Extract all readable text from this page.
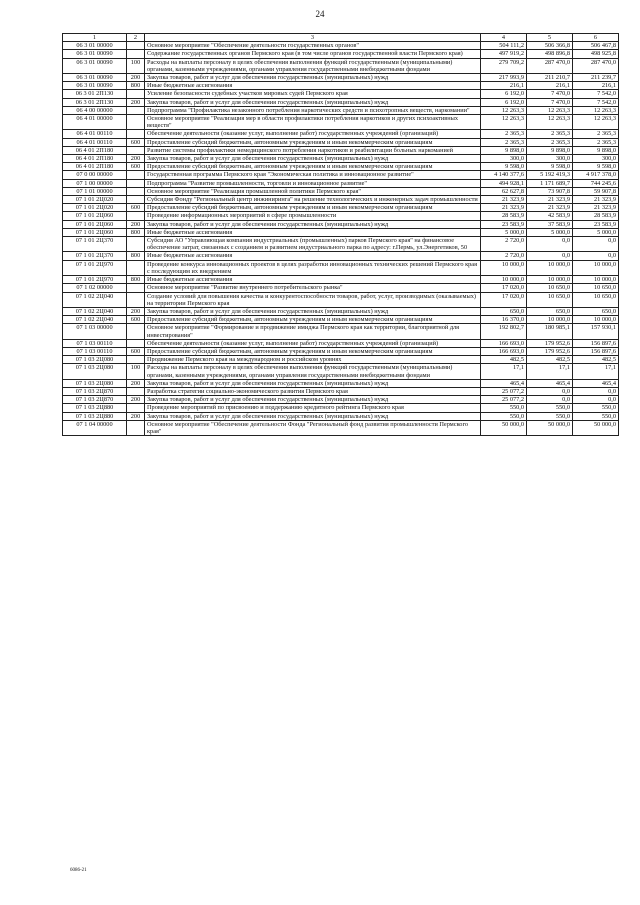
24
1	2	3	4	5	6
06 3 01 00000		Основное мероприятие "Обеспечение деятельности государственных органов"	504 111,2	506 366,8	506 467,8
06 3 01 00090		Содержание государственных органов Пермского края (в том числе органов государственной власти Пермского края)	497 919,2	498 896,8	498 925,8
06 3 01 00090	100	Расходы на выплаты персоналу в целях обеспечения выполнения функций государственными (муниципальными) органами, казенными учреждениями, органами управления государственными внебюджетными фондами	279 709,2	287 470,0	287 470,0
06 3 01 00090	200	Закупка товаров, работ и услуг для обеспечения государственных (муниципальных) нужд	217 993,9	211 210,7	211 239,7
06 3 01 00090	800	Иные бюджетные ассигнования	216,1	216,1	216,1
06 3 01 2П130		Усиление безопасности судебных участков мировых судей Пермского края	6 192,0	7 470,0	7 542,0
06 3 01 2П130	200	Закупка товаров, работ и услуг для обеспечения государственных (муниципальных) нужд	6 192,0	7 470,0	7 542,0
06 4 00 00000		Подпрограмма "Профилактика незаконного потребления наркотических средств и психотропных веществ, наркомании"	12 263,3	12 263,3	12 263,3
06 4 01 00000		Основное мероприятие "Реализация мер в области профилактики потребления наркотиков и других психоактивных веществ"	12 263,3	12 263,3	12 263,3
06 4 01 00110		Обеспечение деятельности (оказание услуг, выполнение работ) государственных учреждений (организаций)	2 365,3	2 365,3	2 365,3
06 4 01 00110	600	Предоставление субсидий бюджетным, автономным учреждениям и иным некоммерческим организациям	2 365,3	2 365,3	2 365,3
06 4 01 2П180		Развитие системы профилактики немедицинского потребления наркотиков и реабилитации больных наркоманией	9 898,0	9 898,0	9 898,0
06 4 01 2П180	200	Закупка товаров, работ и услуг для обеспечения государственных (муниципальных) нужд	300,0	300,0	300,0
06 4 01 2П180	600	Предоставление субсидий бюджетным, автономным учреждениям и иным некоммерческим организациям	9 598,0	9 598,0	9 598,0
07 0 00 00000		Государственная программа Пермского края "Экономическая политика и инновационное развитие"	4 140 377,6	5 192 419,3	4 917 378,0
07 1 00 00000		Подпрограмма "Развитие промышленности, торговли и инновационное развитие"	494 928,1	1 171 689,7	744 245,6
07 1 01 00000		Основное мероприятие "Реализация промышленной политики Пермского края"	62 627,8	73 907,8	59 907,8
07 1 01 2Ц020		Субсидия Фонду "Региональный центр инжиниринга" на решение технологических и инженерных задач промышленности	21 323,9	21 323,9	21 323,9
07 1 01 2Ц020	600	Предоставление субсидий бюджетным, автономным учреждениям и иным некоммерческим организациям	21 323,9	21 323,9	21 323,9
07 1 01 2Ц060		Проведение информационных мероприятий в сфере промышленности	28 583,9	42 583,9	28 583,9
07 1 01 2Ц060	200	Закупка товаров, работ и услуг для обеспечения государственных (муниципальных) нужд	23 583,9	37 583,9	23 583,9
07 1 01 2Ц060	800	Иные бюджетные ассигнования	5 000,0	5 000,0	5 000,0
07 1 01 2Ц370		Субсидия АО "Управляющая компания индустриальных (промышленных) парков Пермского края" на финансовое обеспечение затрат, связанных с созданием и развитием индустриального парка по адресу: г.Пермь, ул.Энергетиков, 50	2 720,0	0,0	0,0
07 1 01 2Ц370	800	Иные бюджетные ассигнования	2 720,0	0,0	0,0
07 1 01 2Ц970		Проведение конкурса инновационных проектов в целях разработки инновационных технических решений Пермского края с последующим их внедрением	10 000,0	10 000,0	10 000,0
07 1 01 2Ц970	800	Иные бюджетные ассигнования	10 000,0	10 000,0	10 000,0
07 1 02 00000		Основное мероприятие "Развитие внутреннего потребительского рынка"	17 020,0	10 650,0	10 650,0
07 1 02 2Ц040		Создание условий для повышения качества и конкурентоспособности товаров, работ, услуг, производимых (оказываемых) на территории Пермского края	17 020,0	10 650,0	10 650,0
07 1 02 2Ц040	200	Закупка товаров, работ и услуг для обеспечения государственных (муниципальных) нужд	650,0	650,0	650,0
07 1 02 2Ц040	600	Предоставление субсидий бюджетным, автономным учреждениям и иным некоммерческим организациям	16 370,0	10 000,0	10 000,0
07 1 03 00000		Основное мероприятие "Формирование и продвижение имиджа Пермского края как территории, благоприятной для инвестирования"	192 802,7	180 985,1	157 930,1
07 1 03 00110		Обеспечение деятельности (оказание услуг, выполнение работ) государственных учреждений (организаций)	166 693,0	179 952,6	156 897,6
07 1 03 00110	600	Предоставление субсидий бюджетным, автономным учреждениям и иным некоммерческим организациям	166 693,0	179 952,6	156 897,6
07 1 03 2Ц080		Продвижение Пермского края на международном и российском уровнях	482,5	482,5	482,5
07 1 03 2Ц080	100	Расходы на выплаты персоналу в целях обеспечения выполнения функций государственными (муниципальными) органами, казенными учреждениями, органами управления государственными внебюджетными фондами	17,1	17,1	17,1
07 1 03 2Ц080	200	Закупка товаров, работ и услуг для обеспечения государственных (муниципальных) нужд	465,4	465,4	465,4
07 1 03 2Ц870		Разработка стратегии социально-экономического развития Пермского края	25 077,2	0,0	0,0
07 1 03 2Ц870	200	Закупка товаров, работ и услуг для обеспечения государственных (муниципальных) нужд	25 077,2	0,0	0,0
07 1 03 2Ц880		Проведение мероприятий по присвоению и поддержанию кредитного рейтинга Пермского края	550,0	550,0	550,0
07 1 03 2Ц880	200	Закупка товаров, работ и услуг для обеспечения государственных (муниципальных) нужд	550,0	550,0	550,0
07 1 04 00000		Основное мероприятие "Обеспечение деятельности Фонда "Региональный фонд развития промышленности Пермского края"	50 000,0	50 000,0	50 000,0
6086-21
